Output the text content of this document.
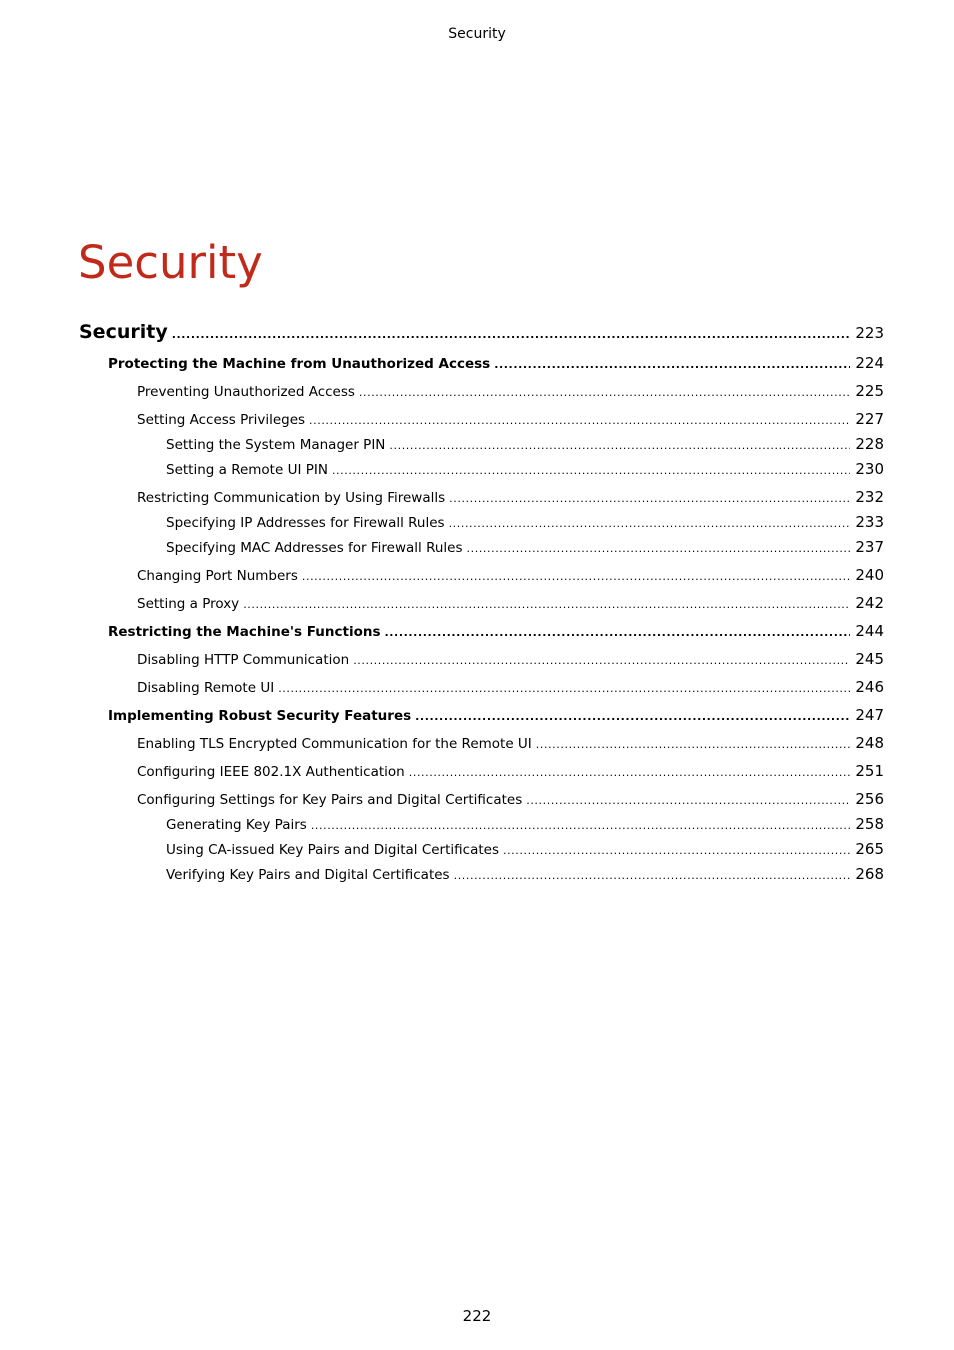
Security
Security
Security .....	223
Protecting the Machine from Unauthorized Access .....	224
Preventing Unauthorized Access .....	225
Setting Access Privileges .....	227
Setting the System Manager PIN .....	228
Setting a Remote UI PIN .....	230
Restricting Communication by Using Firewalls .....	232
Specifying IP Addresses for Firewall Rules .....	233
Specifying MAC Addresses for Firewall Rules .....	237
Changing Port Numbers .....	240
Setting a Proxy .....	242
Restricting the Machine's Functions .....	244
Disabling HTTP Communication .....	245
Disabling Remote UI .....	246
Implementing Robust Security Features .....	247
Enabling TLS Encrypted Communication for the Remote UI .....	248
Configuring IEEE 802.1X Authentication .....	251
Configuring Settings for Key Pairs and Digital Certificates .....	256
Generating Key Pairs .....	258
Using CA-issued Key Pairs and Digital Certificates .....	265
Verifying Key Pairs and Digital Certificates .....	268
222
